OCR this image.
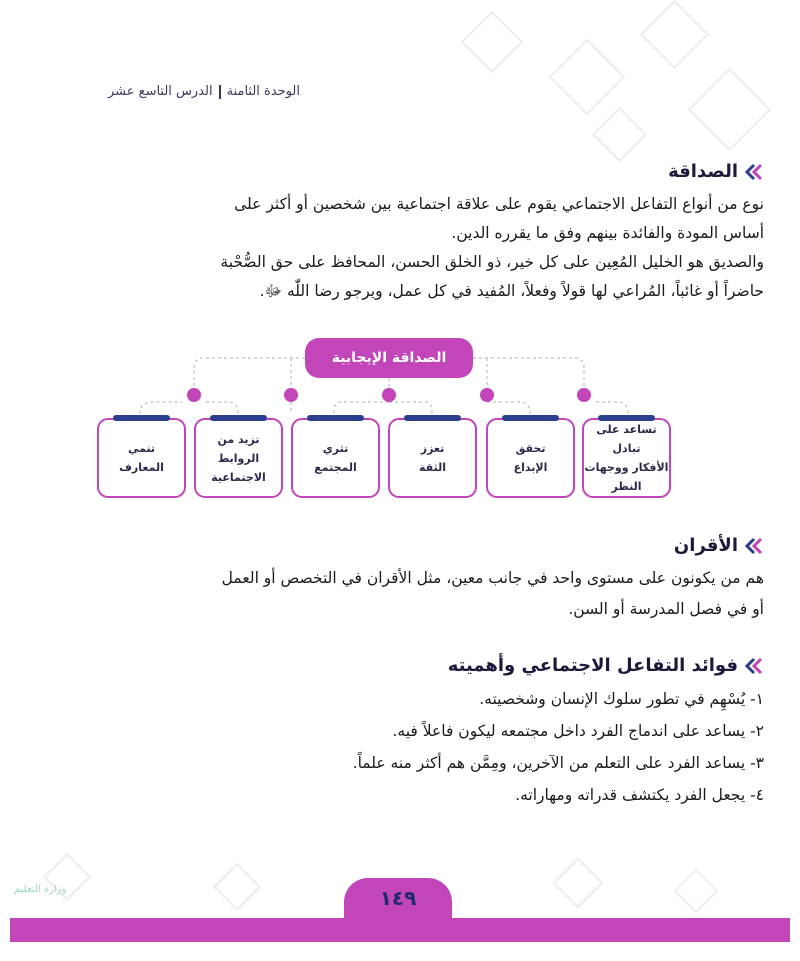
الوحدة الثامنةالدرس التاسع عشر
الصداقة
نوع من أنواع التفاعل الاجتماعي يقوم على علاقة اجتماعية بين شخصين أو أكثر على
أساس المودة والفائدة بينهم وفق ما يقرره الدين.
والصديق هو الخليل المُعِين على كل خير، ذو الخلق الحسن، المحافظ على حق الصُّحْبة
حاضراً أو غائباً، المُراعي لها قولاً وفعلاً، المُفيد في كل عمل، ويرجو رضا اللّٰه ﷻ.
الصداقة الإيجابية
تساعد على تبادل
الأفكار ووجهات
النظر
تحقق
الإبداع
تعزز
الثقة
تثري
المجتمع
تزيد من الروابط
الاجتماعية
تنمي
المعارف
الأقران
هم من يكونون على مستوى واحد في جانب معين، مثل الأقران في التخصص أو العمل
أو في فصل المدرسة أو السن.
فوائد التفاعل الاجتماعي وأهميته
١- يُسْهِم في تطور سلوك الإنسان وشخصيته.
٢- يساعد على اندماج الفرد داخل مجتمعه ليكون فاعلاً فيه.
٣- يساعد الفرد على التعلم من الآخرين، ومِمَّن هم أكثر منه علماً.
٤- يجعل الفرد يكتشف قدراته ومهاراته.
وزارة التعليم	١٤٩
